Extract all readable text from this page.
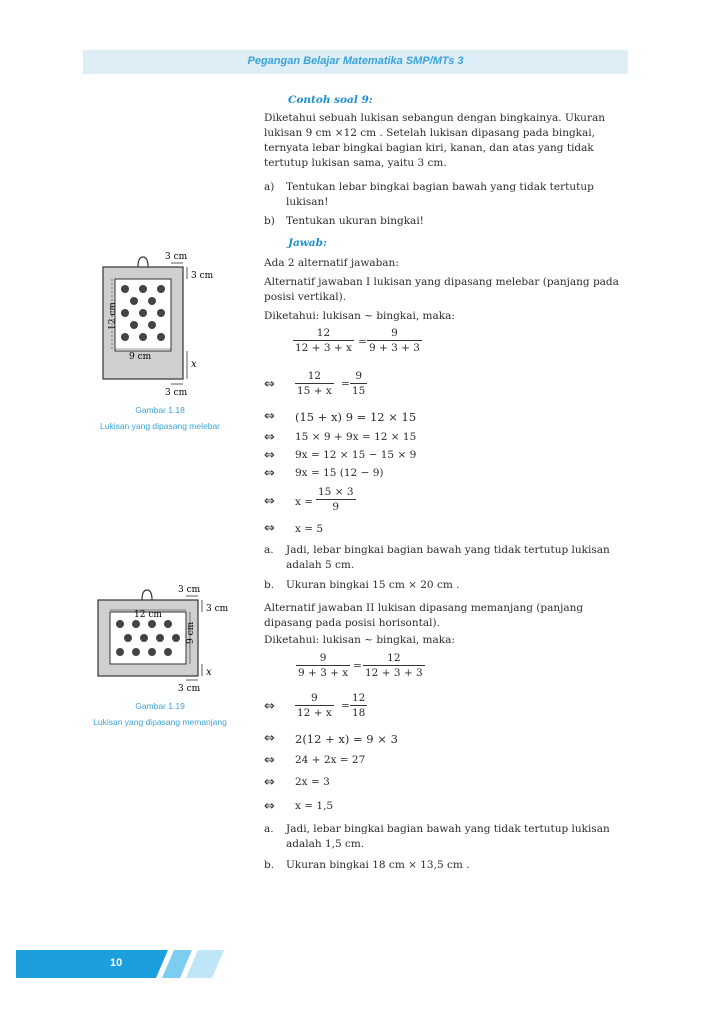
Pegangan Belajar Matematika SMP/MTs 3
Contoh soal 9:
Diketahui sebuah lukisan sebangun dengan bingkainya. Ukuran lukisan 9 cm ×12 cm . Setelah lukisan dipasang pada bingkai, ternyata lebar bingkai bagian kiri, kanan, dan atas yang tidak tertutup lukisan sama, yaitu 3 cm.
a)	Tentukan lebar bingkai bagian bawah yang tidak tertutup lukisan!
b)	Tentukan ukuran bingkai!
Jawab:
Ada 2 alternatif jawaban:
Alternatif jawaban I lukisan yang dipasang melebar (panjang pada posisi vertikal).
Diketahui: lukisan ~ bingkai, maka:
$\frac{12}{12 + 3 + x} = \frac{9}{9 + 3 + 3}$
⇔ $\frac{12}{15 + x} = \frac{9}{15}$
⇔ (15 + x) 9 = 12 × 15
⇔ 15 × 9 + 9x = 12 × 15
⇔ 9x = 12 × 15 − 15 × 9
⇔ 9x = 15 (12 − 9)
⇔ $x = \frac{15 \times 3}{9}$
⇔ x = 5
a.	Jadi, lebar bingkai bagian bawah yang tidak tertutup lukisan adalah 5 cm.
b.	Ukuran bingkai 15 cm × 20 cm .
Alternatif jawaban II lukisan dipasang memanjang (panjang dipasang pada posisi horisontal).
Diketahui: lukisan ~ bingkai, maka:
$\frac{9}{9 + 3 + x} = \frac{12}{12 + 3 + 3}$
⇔ $\frac{9}{12 + x} = \frac{12}{18}$
⇔ 2(12 + x) = 9 × 3
⇔ 24 + 2x = 27
⇔ 2x = 3
⇔ x = 1,5
a.	Jadi, lebar bingkai bagian bawah yang tidak tertutup lukisan adalah 1,5 cm.
b.	Ukuran bingkai 18 cm × 13,5 cm .
3 cm
3 cm
12 cm
9 cm
x
3 cm
Gambar 1.18
Lukisan yang dipasang melebar
3 cm
3 cm
12 cm
9 cm
x
3 cm
Gambar 1.19
Lukisan yang dipasang memanjang
10
